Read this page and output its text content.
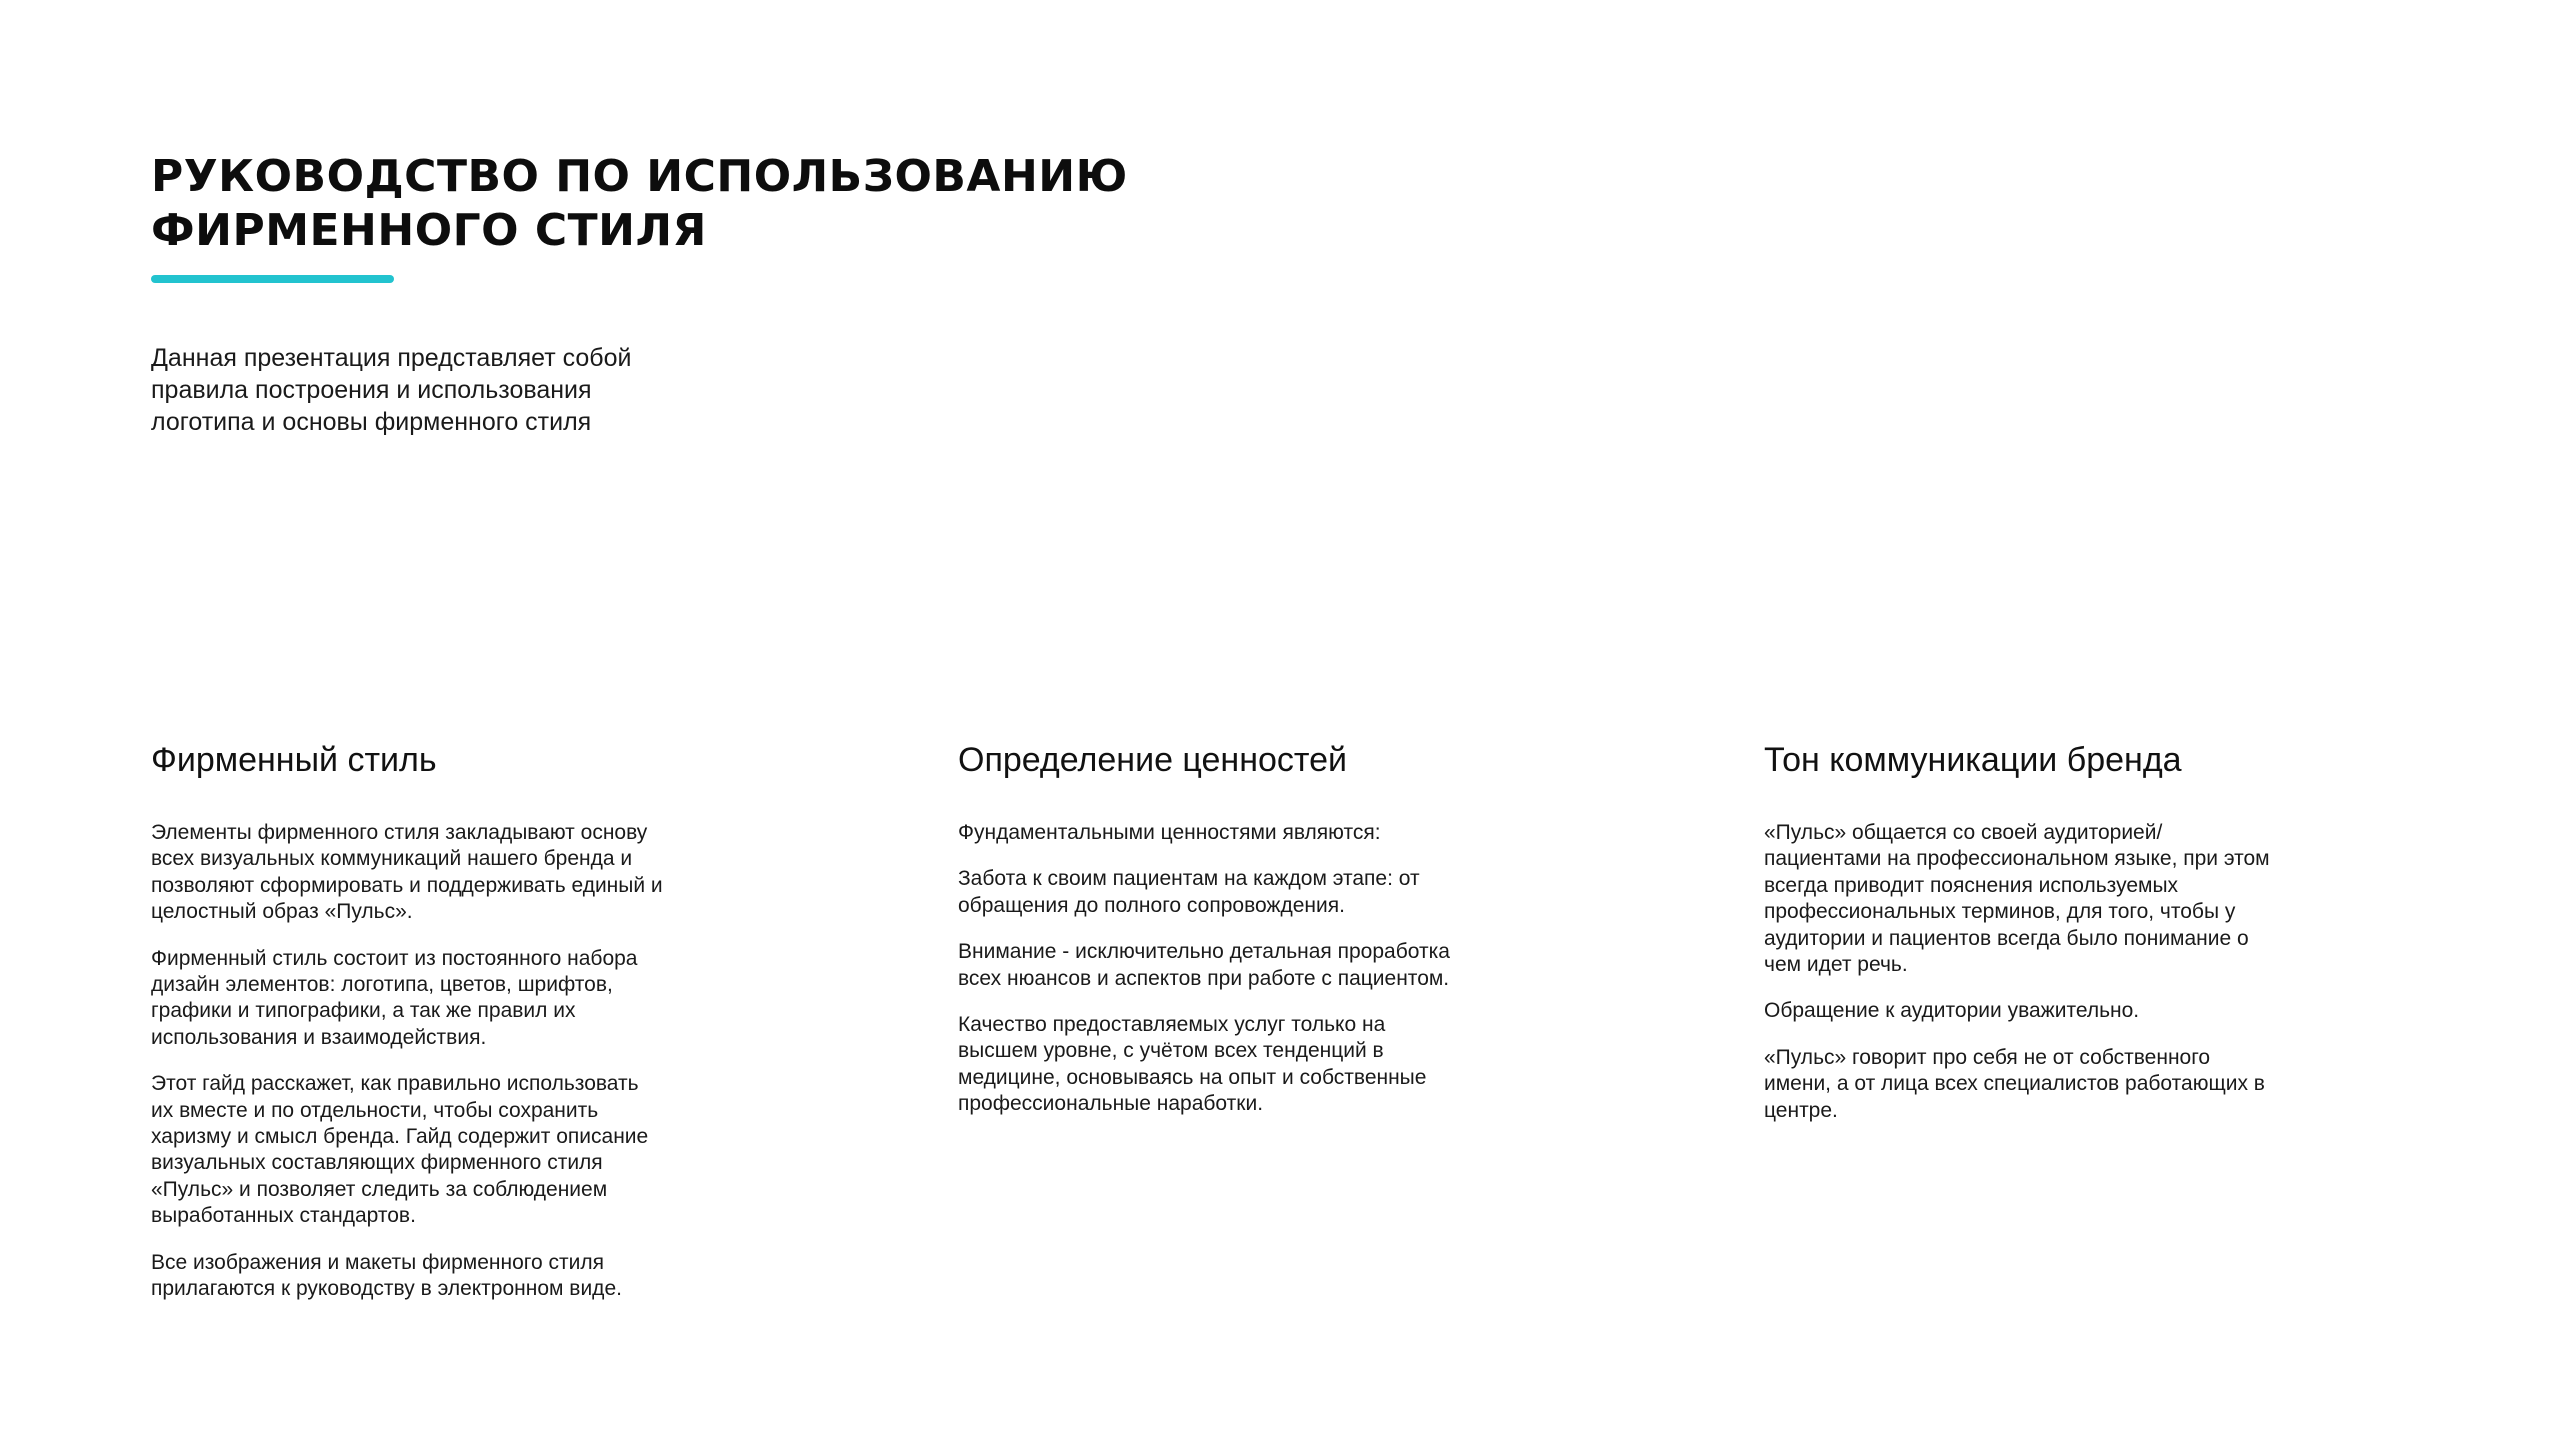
РУКОВОДСТВО ПО ИСПОЛЬЗОВАНИЮ
ФИРМЕННОГО СТИЛЯ

Данная презентация представляет собой
правила построения и использования
логотипа и основы фирменного стиля

Фирменный стиль

Элементы фирменного стиля закладывают основу
всех визуальных коммуникаций нашего бренда и
позволяют сформировать и поддерживать единый и
целостный образ «Пульс».

Фирменный стиль состоит из постоянного набора
дизайн элементов: логотипа, цветов, шрифтов,
графики и типографики, а так же правил их
использования и взаимодействия.

Этот гайд расскажет, как правильно использовать
их вместе и по отдельности, чтобы сохранить
харизму и смысл бренда. Гайд содержит описание
визуальных составляющих фирменного стиля
«Пульс» и позволяет следить за соблюдением
выработанных стандартов.

Все изображения и макеты фирменного стиля
прилагаются к руководству в электронном виде.

Определение ценностей

Фундаментальными ценностями являются:

Забота к своим пациентам на каждом этапе: от
обращения до полного сопровождения.

Внимание - исключительно детальная проработка
всех нюансов и аспектов при работе с пациентом.

Качество предоставляемых услуг только на
высшем уровне, с учётом всех тенденций в
медицине, основываясь на опыт и собственные
профессиональные наработки.

Тон коммуникации бренда

«Пульс» общается со своей аудиторией/
пациентами на профессиональном языке, при этом
всегда приводит пояснения используемых
профессиональных терминов, для того, чтобы у
аудитории и пациентов всегда было понимание о
чем идет речь.

Обращение к аудитории уважительно.

«Пульс» говорит про себя не от собственного
имени, а от лица всех специалистов работающих в
центре.
